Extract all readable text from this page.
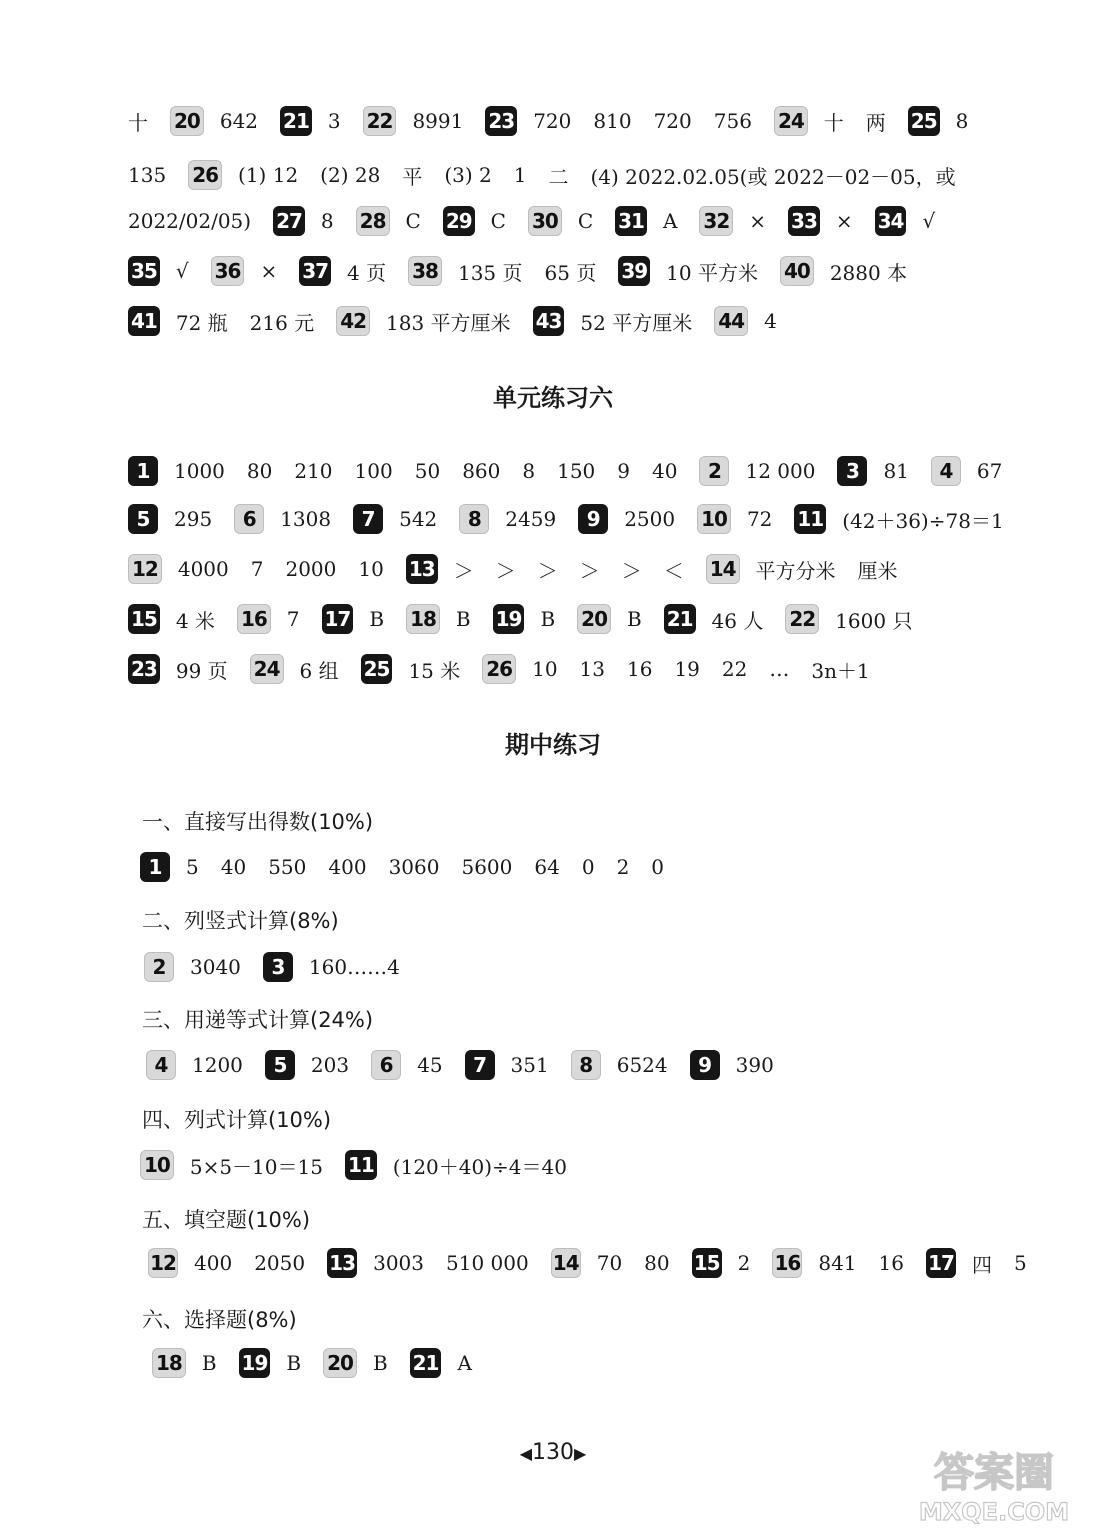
十 20 642 21 3 22 8991 23 720 810 720 756 24 十 两 25 8
135 26 (1) 12 (2) 28 平 (3) 2 1 二 (4) 2022.02.05(或 2022－02－05，或
2022/02/05) 27 8 28 C 29 C 30 C 31 A 32 × 33 × 34 √
35 √ 36 × 37 4 页 38 135 页 65 页 39 10 平方米 40 2880 本
41 72 瓶 216 元 42 183 平方厘米 43 52 平方厘米 44 4
单元练习六
1	1000 80 210 100 50 860 8 150 9 40	2	12 000	3	81	4	67
5	295	6	1308	7	542	8	2459	9	2500 10 72 11 (42＋36)÷78＝1
12 4000 7 2000 10 13 ＞ ＞ ＞ ＞ ＞ ＜ 14 平方分米 厘米
15 4 米 16 7 17 B 18 B 19 B 20 B 21 46 人 22 1600 只
23 99 页 24 6 组 25 15 米 26 10 13 16 19 22 … 3n＋1
期中练习
一、直接写出得数(10%)
1	5 40 550 400 3060 5600 64 0 2 0
二、列竖式计算(8%)
2	3040	3	160……4
三、用递等式计算(24%)
4	1200	5	203	6	45	7	351	8	6524	9	390
四、列式计算(10%)
10 5×5－10＝15 11 (120＋40)÷4＝40
五、填空题(10%)
12 400 2050 13 3003 510 000 14 70 80 15 2 16 841 16 17 四 5
六、选择题(8%)
18 B 19 B 20 B 21 A
◀130▶	答案圈
MXQE.COM
